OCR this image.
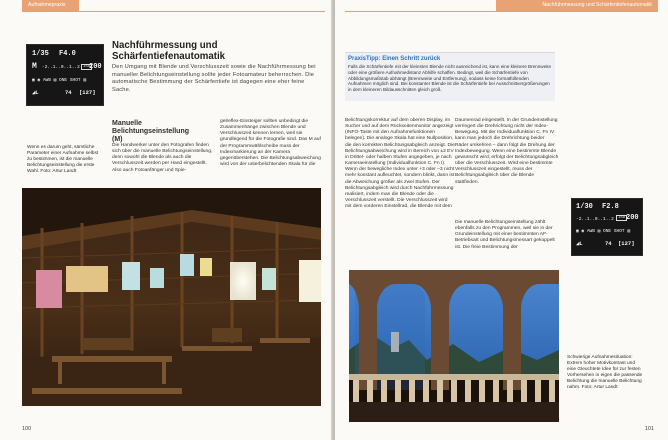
Aufnahmepraxis
1/35 F4.0
M -2..1..0..1..2 ISO
200
▣ ◉ AWB ▤ ONE SHOT ▥
◢L	74 [127]
Wenn es darum geht, sämtliche Parameter einer Aufnahme selbst zu bestimmen, ist die manuelle Belichtungseinstellung die erste Wahl. Foto: Artur Landt
Nachführmessung und Schärfentiefenautomatik
Den Umgang mit Blende und Verschlusszeit sowie die Nachführmessung bei manueller Belichtungseinstellung sollte jeder Fotoamateur beherrschen. Die automatische Bestimmung der Schärfentiefe ist dagegen eine eher feine Sache.
Manuelle Belichtungseinstellung (M)
Die Handwerker unter den Fotografen finden sich über die manuelle Belichtungseinstellung, denn sowohl die Blende als auch die Verschlusszeit werden per Hand eingestellt. Also auch Fotoanfänger und Spie-
gelreflex-Einsteiger sollten unbedingt die Zusammenhänge zwischen Blende und Verschlusszeit kennen lernen, weil sie grundlegend für die Fotografie sind. Das M auf der Programmwählscheibe muss der Indexmarkierung an der Kamera gegenüberstehen. Die Belichtungsabweichung wird von der unterbelichtenden Skala für die
100
Nachführmessung und Schärfentiefenautomatik
PraxisTipp: Einen Schritt zurück
Falls die Schärfentiefe mit der kleinsten Blende nicht ausreichend ist, kann eine kleinere Brennweite oder eine größere Aufnahmedistanz Abhilfe schaffen. Bedingt, weil die Schärfentiefe von Abbildungsmaßstab abhängt (Brennweite und Entfernung), sodass keine formatfüllenden Aufnahmen möglich sind. Bei konstanter Blende ist die Schärfentiefe bei Ausschnittvergrößerungen in dem kleineren Bildausschnitten gleich groß.
Belichtungskorrektur auf dem oberen Display, im Sucher und auf dem Rückseitenmonitor angezeigt (INFO-Taste mit den Aufnahmefunktionen belegen). Die analoge Skala hat eine Nullposition, die den korrekten Belichtungsabgleich anzeigt. Die Belichtungsabweichung wird in Bereich von ±2 EV in Drittel- oder halben Stufen angegeben, je nach Kameraeinstellung (Individualfunktion C. Fn I). Wenn der bewegliche Index unter +3 oder –3 nicht mehr konstant aufleuchtet, sondern blinkt, dann ist die Abweichung größer als zwei Stufen. Der Belichtungsabgleich wird durch Nachführmessung realisiert, indem man die Blende oder die Verschlusszeit verstellt. Die Verschlusszeit wird mit dem vorderen Einstellrad, die Blende mit dem
Daumenrad eingestellt. In der Grundeinstellung verringert die Drehrichtung nicht der Index-Bewegung. Mit der Individualfunktion C. Fn IV kann man jedoch die Drehrichtung beider Räder umkehren – dann folgt die Drehung der Indexbewegung. Wenn eine bestimmte Blende gewünscht wird, erfolgt der Belichtungsabgleich über die Verschlusszeit. Wird eine bestimmte Verschlusszeit eingestellt, muss der Belichtungsabgleich über die Blende stattfinden.
Die manuelle Belichtungseinstellung zählt ebenfalls zu den Programmen, weil sie in der Grundeinstellung mit einer bestimmten AF-Betriebsart und Belichtungsmessart gekoppelt ist. Die freie Bestimmung der
1/30 F2.8
-2..1..0..1..2	ISO 200
▣ ◉ AWB ▤ ONE SHOT ▥
◢L	74 [127]
Schwierige Aufnahmesituation: Extrem hoher Motivkontrast und eine Gleuchtete Idee für zur festen Vorhersehen in eigen die passende Belichtung die manuelle Belichtung nahm. Foto: Artur Landt
101
